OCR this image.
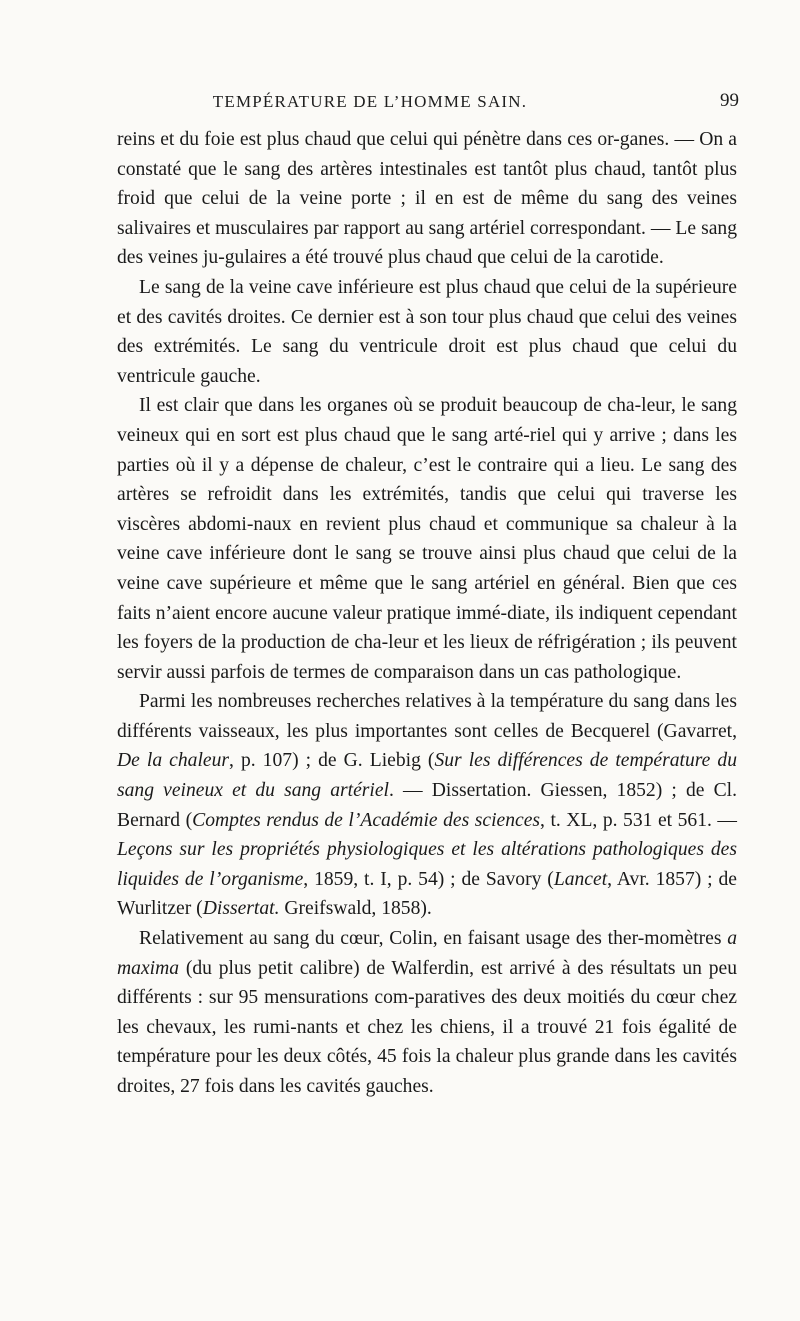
TEMPÉRATURE DE L’HOMME SAIN.	99

reins et du foie est plus chaud que celui qui pénètre dans ces or-ganes. — On a constaté que le sang des artères intestinales est tantôt plus chaud, tantôt plus froid que celui de la veine porte ; il en est de même du sang des veines salivaires et musculaires par rapport au sang artériel correspondant. — Le sang des veines ju-gulaires a été trouvé plus chaud que celui de la carotide.

Le sang de la veine cave inférieure est plus chaud que celui de la supérieure et des cavités droites. Ce dernier est à son tour plus chaud que celui des veines des extrémités. Le sang du ventricule droit est plus chaud que celui du ventricule gauche.

Il est clair que dans les organes où se produit beaucoup de cha-leur, le sang veineux qui en sort est plus chaud que le sang arté-riel qui y arrive ; dans les parties où il y a dépense de chaleur, c’est le contraire qui a lieu. Le sang des artères se refroidit dans les extrémités, tandis que celui qui traverse les viscères abdomi-naux en revient plus chaud et communique sa chaleur à la veine cave inférieure dont le sang se trouve ainsi plus chaud que celui de la veine cave supérieure et même que le sang artériel en général. Bien que ces faits n’aient encore aucune valeur pratique immé-diate, ils indiquent cependant les foyers de la production de cha-leur et les lieux de réfrigération ; ils peuvent servir aussi parfois de termes de comparaison dans un cas pathologique.

Parmi les nombreuses recherches relatives à la température du sang dans les différents vaisseaux, les plus importantes sont celles de Becquerel (Gavarret, De la chaleur, p. 107) ; de G. Liebig (Sur les différences de température du sang veineux et du sang artériel. — Dissertation. Giessen, 1852) ; de Cl. Bernard (Comptes rendus de l’Académie des sciences, t. XL, p. 531 et 561. — Leçons sur les propriétés physiologiques et les altérations pathologiques des liquides de l’organisme, 1859, t. I, p. 54) ; de Savory (Lancet, Avr. 1857) ; de Wurlitzer (Dissertat. Greifswald, 1858).

Relativement au sang du cœur, Colin, en faisant usage des ther-momètres a maxima (du plus petit calibre) de Walferdin, est arrivé à des résultats un peu différents : sur 95 mensurations com-paratives des deux moitiés du cœur chez les chevaux, les rumi-nants et chez les chiens, il a trouvé 21 fois égalité de température pour les deux côtés, 45 fois la chaleur plus grande dans les cavités droites, 27 fois dans les cavités gauches.
